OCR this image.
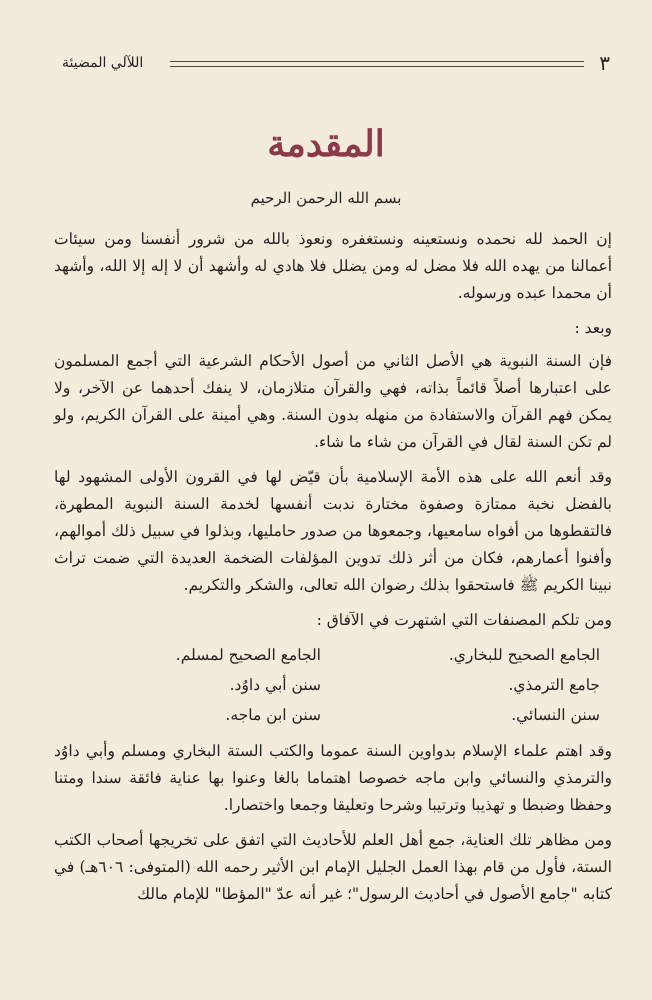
٣
اللآلي المضيئة
المقدمة
بسم الله الرحمن الرحيم

إن الحمد لله نحمده ونستعينه ونستغفره ونعوذ بالله من شرور أنفسنا ومن سيئات أعمالنا من يهده الله فلا مضل له ومن يضلل فلا هادي له وأشهد أن لا إله إلا الله، وأشهد أن محمدا عبده ورسوله.

وبعد :

فإن السنة النبوية هي الأصل الثاني من أصول الأحكام الشرعية التي أجمع المسلمون على اعتبارها أصلاً قائماً بذاته، فهي والقرآن متلازمان، لا ينفك أحدهما عن الآخر، ولا يمكن فهم القرآن والاستفادة من منهله بدون السنة. وهي أمينة على القرآن الكريم، ولو لم تكن السنة لقال في القرآن من شاء ما شاء.

وقد أنعم الله على هذه الأمة الإسلامية بأن قيّض لها في القرون الأولى المشهود لها بالفضل نخبة ممتازة وصفوة مختارة ندبت أنفسها لخدمة السنة النبوية المطهرة، فالتقطوها من أفواه سامعيها، وجمعوها من صدور حامليها، وبذلوا في سبيل ذلك أموالهم، وأفنوا أعمارهم، فكان من أثر ذلك تدوين المؤلفات الضخمة العديدة التي ضمت تراث نبينا الكريم ﷺ فاستحقوا بذلك رضوان الله تعالى، والشكر والتكريم.

ومن تلكم المصنفات التي اشتهرت في الآفاق :

الجامع الصحيح للبخاري.
الجامع الصحيح لمسلم.
جامع الترمذي.
سنن أبي داوُد.
سنن النسائي.
سنن ابن ماجه.

وقد اهتم علماء الإسلام بدواوين السنة عموما والكتب الستة البخاري ومسلم وأبي داوُد والترمذي والنسائي وابن ماجه خصوصا اهتماما بالغا وعنوا بها عناية فائقة سندا ومتنا وحفظا وضبطا و تهذيبا وترتيبا وشرحا وتعليقا وجمعا واختصارا.

ومن مظاهر تلك العناية، جمع أهل العلم للأحاديث التي اتفق على تخريجها أصحاب الكتب الستة، فأول من قام بهذا العمل الجليل الإمام ابن الأثير رحمه الله (المتوفى: ٦٠٦هـ) في كتابه "جامع الأصول في أحاديث الرسول"؛ غير أنه عدّ "المؤطا" للإمام مالك
